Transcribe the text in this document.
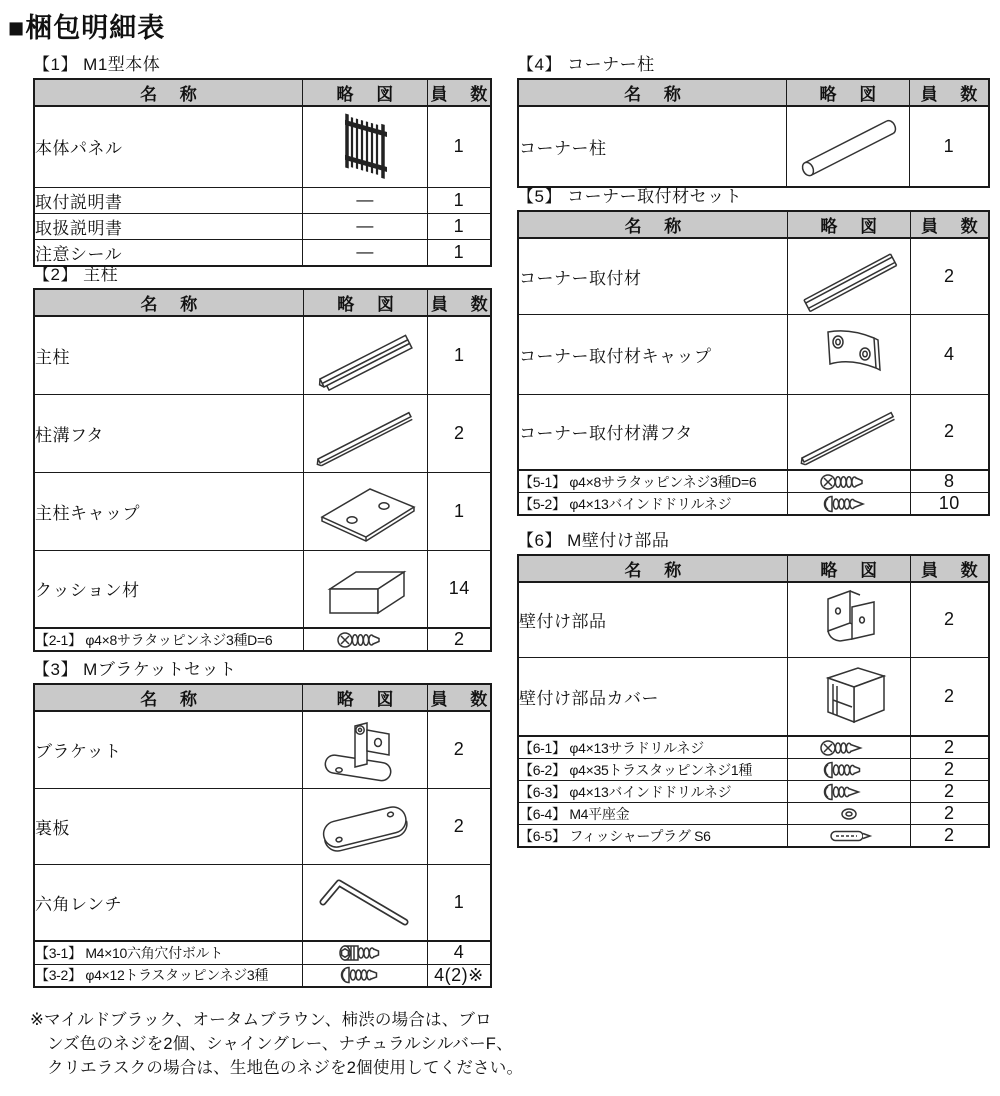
■梱包明細表
【1】 M1型本体
名 称	略 図	員 数
本体パネル		1
取付説明書	—	1
取扱説明書	—	1
注意シール	—	1
【2】 主柱
名 称	略 図	員 数
主柱		1
柱溝フタ		2
主柱キャップ		1
クッション材		14
【2-1】 φ4×8サラタッピンネジ3種D=6		2
【3】 Mブラケットセット
名 称	略 図	員 数
ブラケット		2
裏板		2
六角レンチ		1
【3-1】 M4×10六角穴付ボルト		4
【3-2】 φ4×12トラスタッピンネジ3種		4(2)※
【4】 コーナー柱
名 称	略 図	員 数
コーナー柱		1
【5】 コーナー取付材セット
名 称	略 図	員 数
コーナー取付材		2
コーナー取付材キャップ		4
コーナー取付材溝フタ		2
【5-1】 φ4×8サラタッピンネジ3種D=6		8
【5-2】 φ4×13バインドドリルネジ		10
【6】 M壁付け部品
名 称	略 図	員 数
壁付け部品		2
壁付け部品カバー		2
【6-1】 φ4×13サラドリルネジ		2
【6-2】 φ4×35トラスタッピンネジ1種		2
【6-3】 φ4×13バインドドリルネジ		2
【6-4】 M4平座金		2
【6-5】 フィッシャープラグ S6		2
※マイルドブラック、オータムブラウン、柿渋の場合は、ブロ
ンズ色のネジを2個、シャイングレー、ナチュラルシルバーF、
クリエラスクの場合は、生地色のネジを2個使用してください。
